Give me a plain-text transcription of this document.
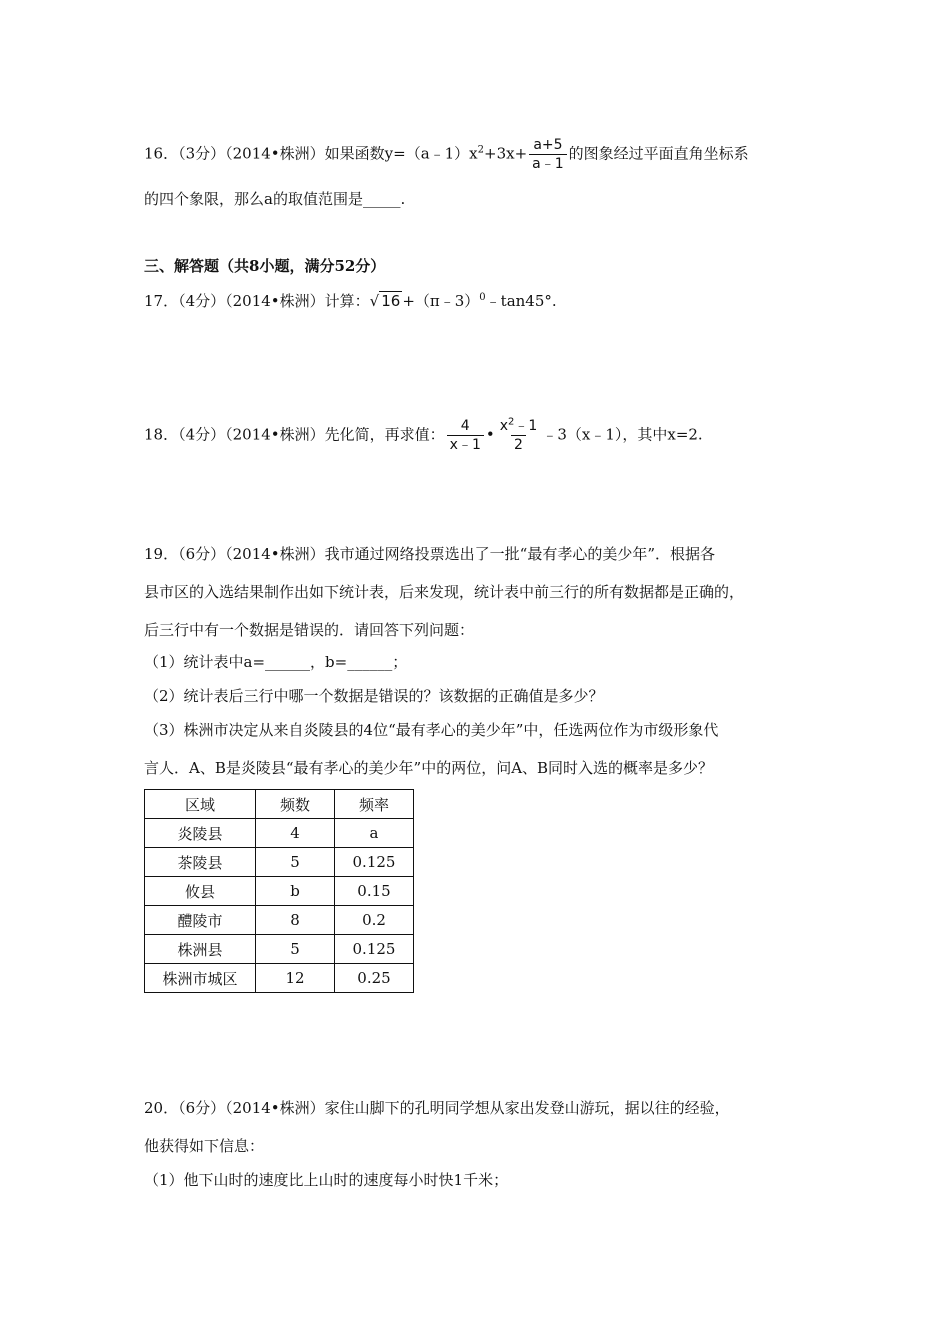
16．（3分）（2014•株洲）如果函数$y=(a﹣1)x^2+3x+ \frac{a+5}{a﹣1}$ 的图象经过平面直角坐标系
的四个象限，那么a的取值范围是_____.
三、解答题（共8小题，满分52分）
17．（4分）（2014•株洲）计算：√ 16 +（π﹣3）$^0$﹣tan45°.
18．（4分）（2014•株洲）先化简，再求值： $\frac{4}{x﹣1}$ • $\frac{x^2﹣1}{2}$ ﹣3（x﹣1），其中x=2.
19．（6分）（2014•株洲）我市通过网络投票选出了一批“最有孝心的美少年”．根据各
县市区的入选结果制作出如下统计表，后来发现，统计表中前三行的所有数据都是正确的，
后三行中有一个数据是错误的．请回答下列问题：
（1）统计表中a=______，b=______；
（2）统计表后三行中哪一个数据是错误的？该数据的正确值是多少？
（3）株洲市决定从来自炎陵县的4位“最有孝心的美少年”中，任选两位作为市级形象代
言人．A、B是炎陵县“最有孝心的美少年”中的两位，问A、B同时入选的概率是多少？
区域	频数	频率
炎陵县	4	a
茶陵县	5	0.125
攸县	b	0.15
醴陵市	8	0.2
株洲县	5	0.125
株洲市城区	12	0.25
20．（6分）（2014•株洲）家住山脚下的孔明同学想从家出发登山游玩，据以往的经验，
他获得如下信息：
（1）他下山时的速度比上山时的速度每小时快1千米；
